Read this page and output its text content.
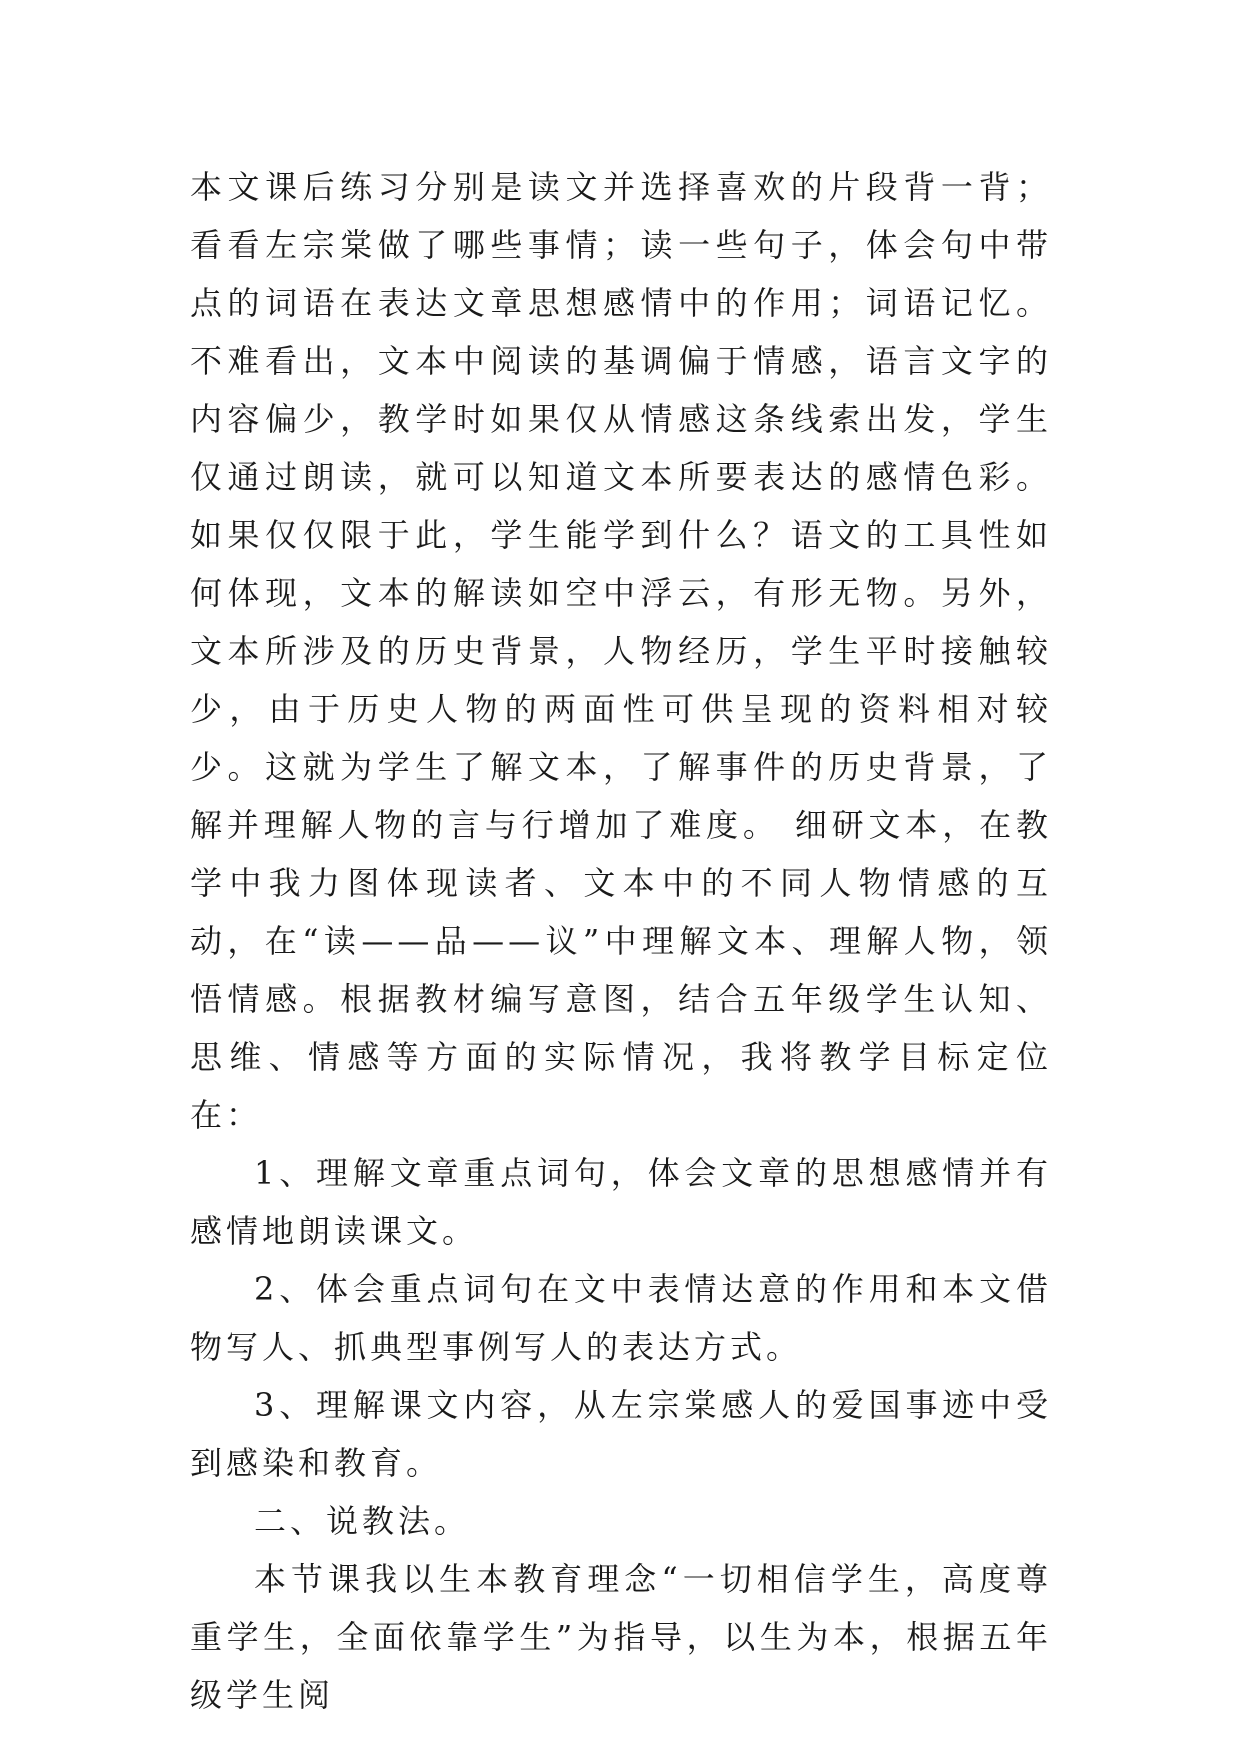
本文课后练习分别是读文并选择喜欢的片段背一背；看看左宗棠做了哪些事情；读一些句子，体会句中带点的词语在表达文章思想感情中的作用；词语记忆。不难看出，文本中阅读的基调偏于情感，语言文字的内容偏少，教学时如果仅从情感这条线索出发，学生仅通过朗读，就可以知道文本所要表达的感情色彩。如果仅仅限于此，学生能学到什么？语文的工具性如何体现，文本的解读如空中浮云，有形无物。另外，文本所涉及的历史背景，人物经历，学生平时接触较少，由于历史人物的两面性可供呈现的资料相对较少。这就为学生了解文本，了解事件的历史背景，了解并理解人物的言与行增加了难度。 细研文本，在教学中我力图体现读者、文本中的不同人物情感的互动，在“读——品——议”中理解文本、理解人物，领悟情感。根据教材编写意图，结合五年级学生认知、思维、情感等方面的实际情况，我将教学目标定位在：

1、理解文章重点词句，体会文章的思想感情并有感情地朗读课文。

2、体会重点词句在文中表情达意的作用和本文借物写人、抓典型事例写人的表达方式。

3、理解课文内容，从左宗棠感人的爱国事迹中受到感染和教育。

二、说教法。

本节课我以生本教育理念“一切相信学生，高度尊重学生，全面依靠学生”为指导，以生为本，根据五年级学生阅
